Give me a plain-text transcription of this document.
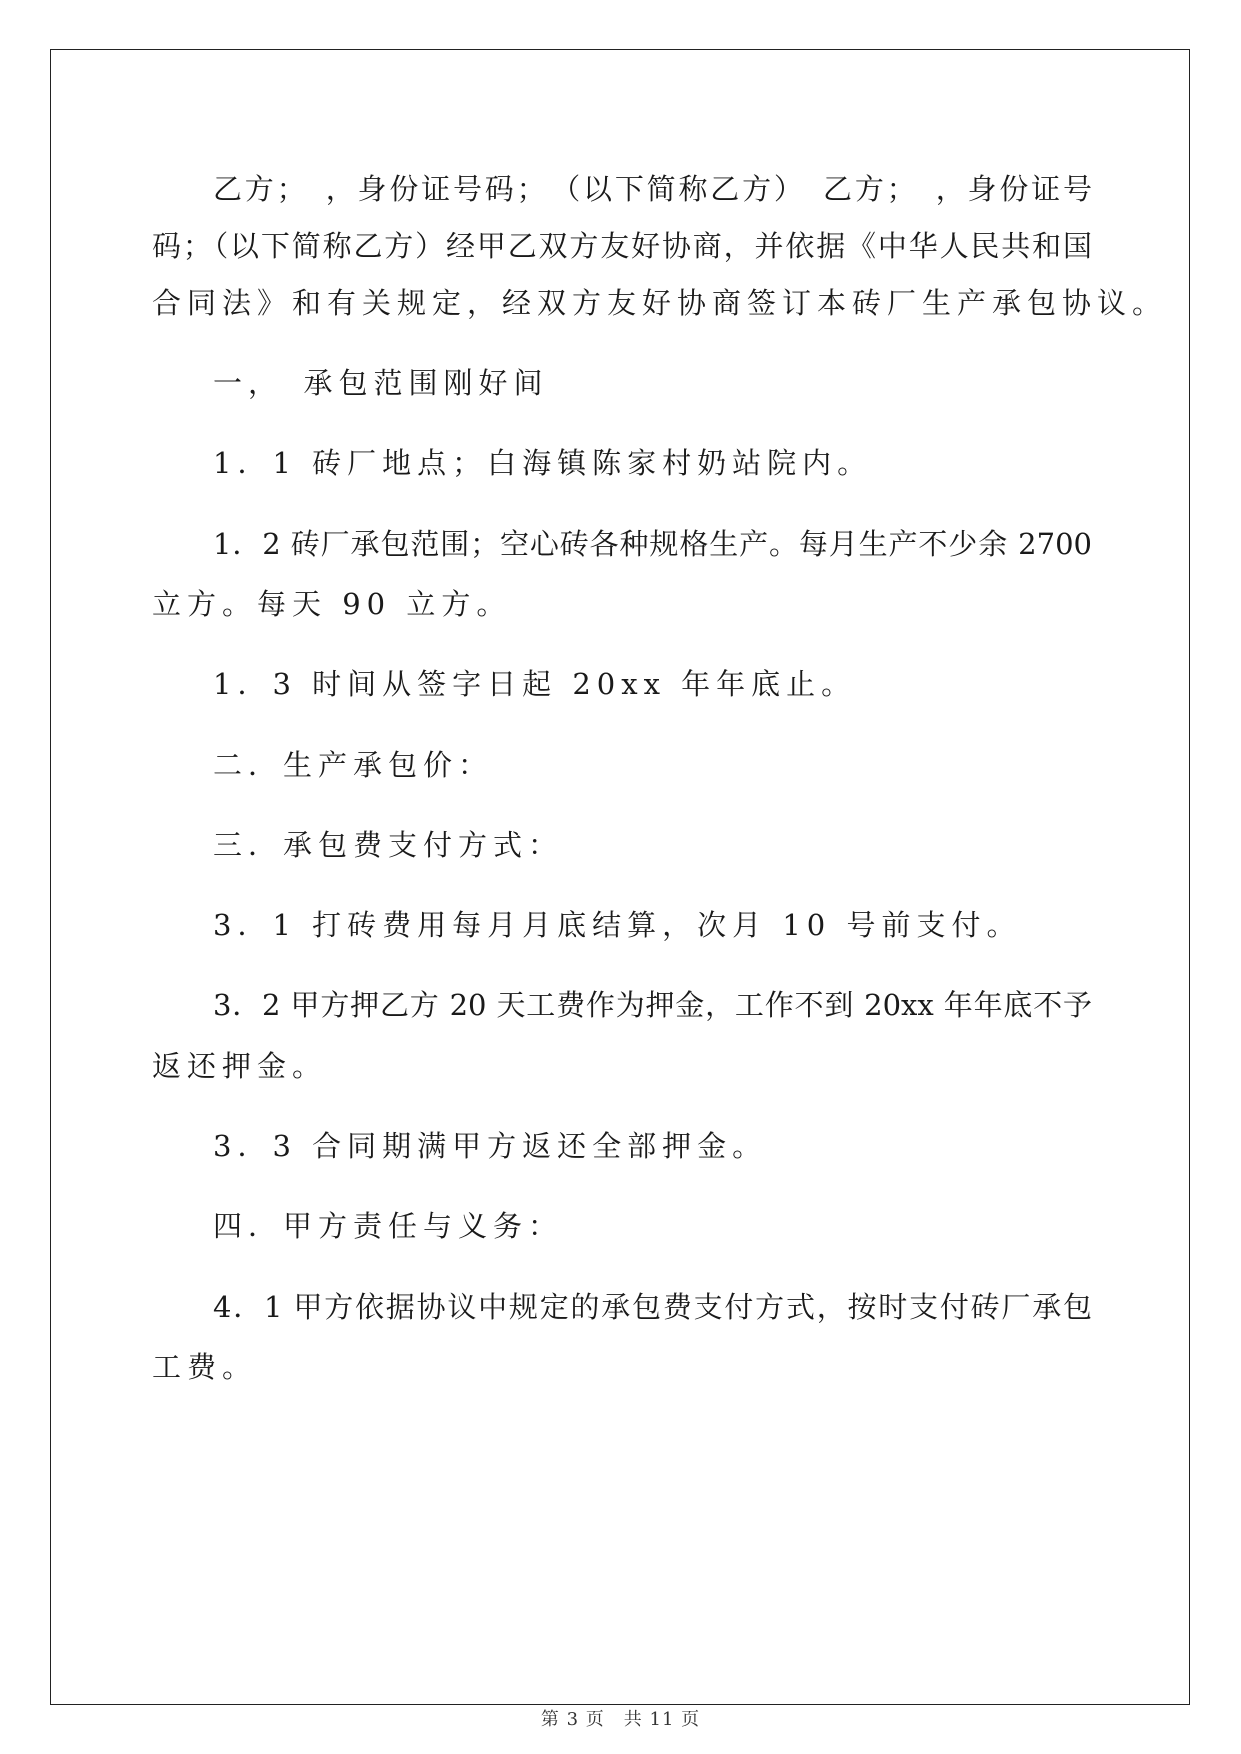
乙方；　，身份证号码；　（以下简称乙方）　乙方；　，身份证号
码；（以下简称乙方）经甲乙双方友好协商，并依据《中华人民共和国
合同法》和有关规定，经双方友好协商签订本砖厂生产承包协议。
一，　承包范围刚好间
1．1 砖厂地点；白海镇陈家村奶站院内。
1．2 砖厂承包范围；空心砖各种规格生产。每月生产不少余 2700
立方。每天 90 立方。
1．3 时间从签字日起 20xx 年年底止。
二．生产承包价：
三．承包费支付方式：
3．1 打砖费用每月月底结算，次月 10 号前支付。
3．2 甲方押乙方 20 天工费作为押金，工作不到 20xx 年年底不予
返还押金。
3．3 合同期满甲方返还全部押金。
四．甲方责任与义务：
4．1 甲方依据协议中规定的承包费支付方式，按时支付砖厂承包
工费。
第 3 页　共 11 页
